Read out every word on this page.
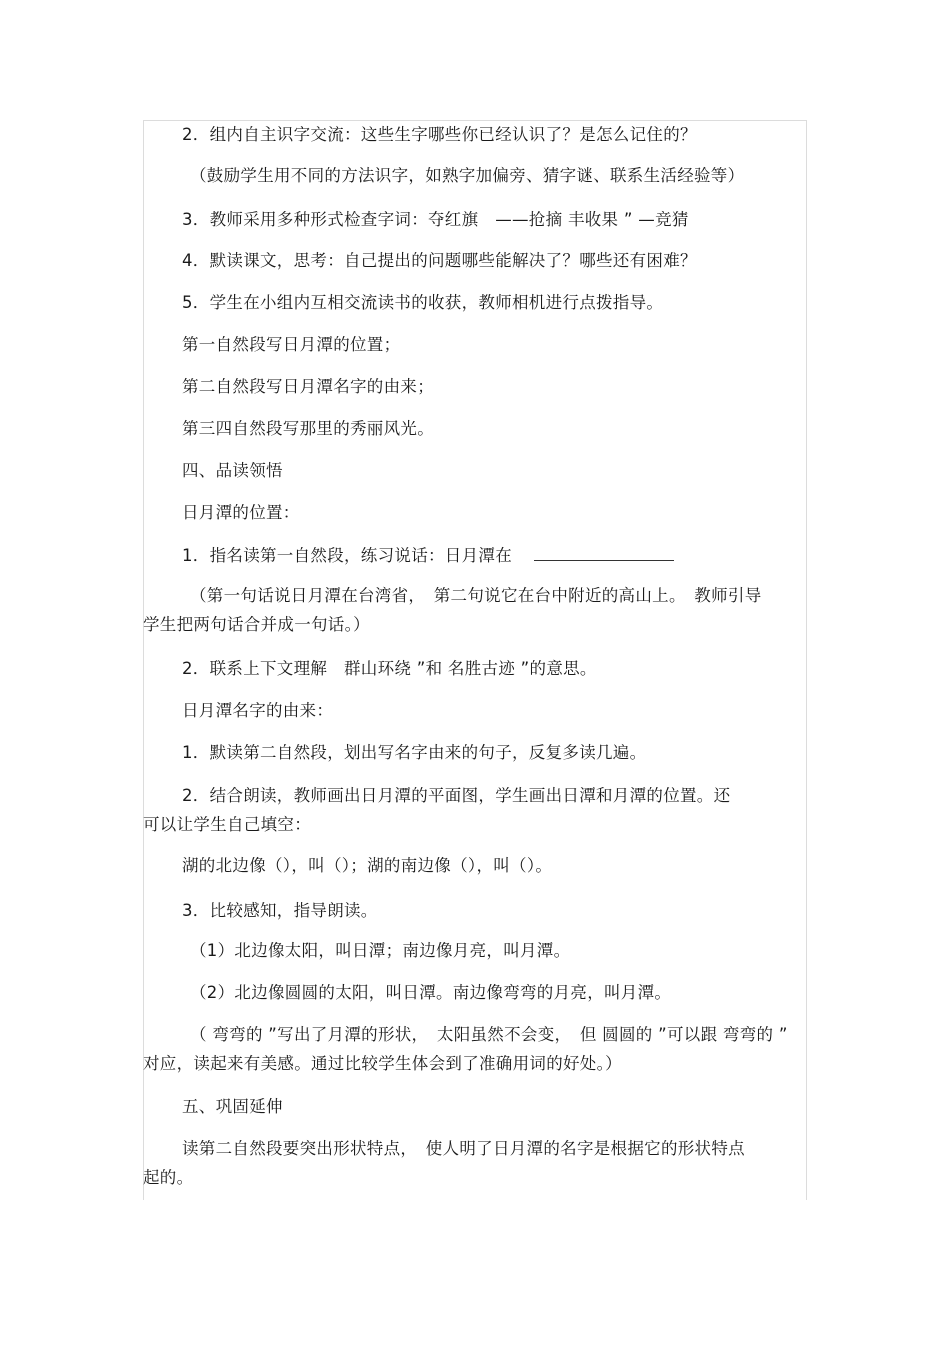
2．组内自主识字交流：这些生字哪些你已经认识了？是怎么记住的？
（鼓励学生用不同的方法识字，如熟字加偏旁、猜字谜、联系生活经验等）
3．教师采用多种形式检查字词：夺红旗　——抢摘 丰收果 ” —竞猜
4．默读课文，思考：自己提出的问题哪些能解决了？哪些还有困难？
5．学生在小组内互相交流读书的收获，教师相机进行点拨指导。
第一自然段写日月潭的位置；
第二自然段写日月潭名字的由来；
第三四自然段写那里的秀丽风光。
四、品读领悟
日月潭的位置：
1．指名读第一自然段，练习说话：日月潭在
（第一句话说日月潭在台湾省，　第二句说它在台中附近的高山上。　教师引导
学生把两句话合并成一句话。）
2．联系上下文理解　群山环绕 ”和 名胜古迹 ”的意思。
日月潭名字的由来：
1．默读第二自然段，划出写名字由来的句子，反复多读几遍。
2．结合朗读，教师画出日月潭的平面图，学生画出日潭和月潭的位置。还
可以让学生自己填空：
湖的北边像（），叫（）；湖的南边像（），叫（）。
3．比较感知，指导朗读。
（1）北边像太阳，叫日潭；南边像月亮，叫月潭。
（2）北边像圆圆的太阳，叫日潭。南边像弯弯的月亮，叫月潭。
（ 弯弯的 ”写出了月潭的形状，　太阳虽然不会变，　但 圆圆的 ”可以跟 弯弯的 ”
对应，读起来有美感。通过比较学生体会到了准确用词的好处。）
五、巩固延伸
读第二自然段要突出形状特点，　使人明了日月潭的名字是根据它的形状特点
起的。
